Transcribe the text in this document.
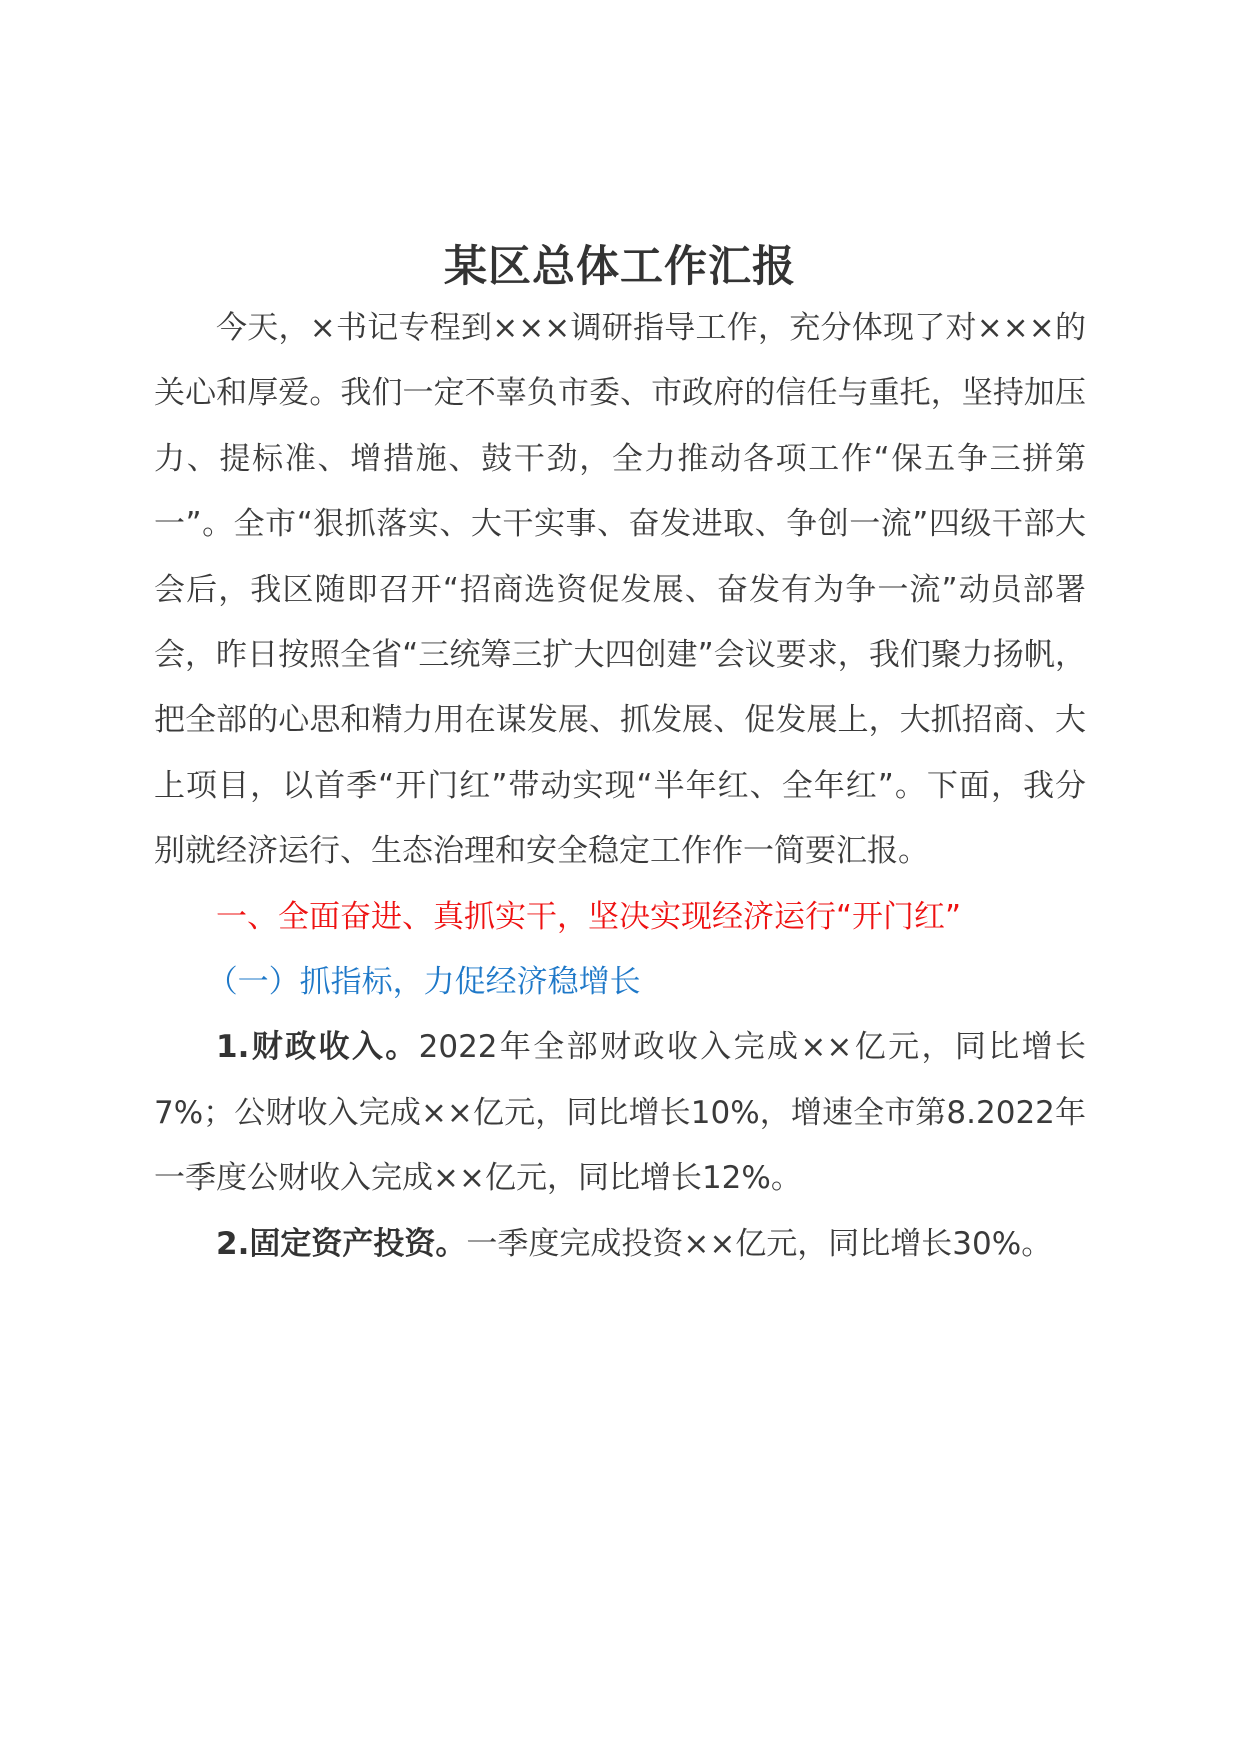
某区总体工作汇报

今天，×书记专程到×××调研指导工作，充分体现了对×××的关心和厚爱。我们一定不辜负市委、市政府的信任与重托，坚持加压力、提标准、增措施、鼓干劲，全力推动各项工作“保五争三拼第一”。全市“狠抓落实、大干实事、奋发进取、争创一流”四级干部大会后，我区随即召开“招商选资促发展、奋发有为争一流”动员部署会，昨日按照全省“三统筹三扩大四创建”会议要求，我们聚力扬帆，把全部的心思和精力用在谋发展、抓发展、促发展上，大抓招商、大上项目，以首季“开门红”带动实现“半年红、全年红”。下面，我分别就经济运行、生态治理和安全稳定工作作一简要汇报。

一、全面奋进、真抓实干，坚决实现经济运行“开门红”

（一）抓指标，力促经济稳增长

1.财政收入。2022年全部财政收入完成××亿元，同比增长7%；公财收入完成××亿元，同比增长10%，增速全市第8.2022年一季度公财收入完成××亿元，同比增长12%。

2.固定资产投资。一季度完成投资××亿元，同比增长30%。
